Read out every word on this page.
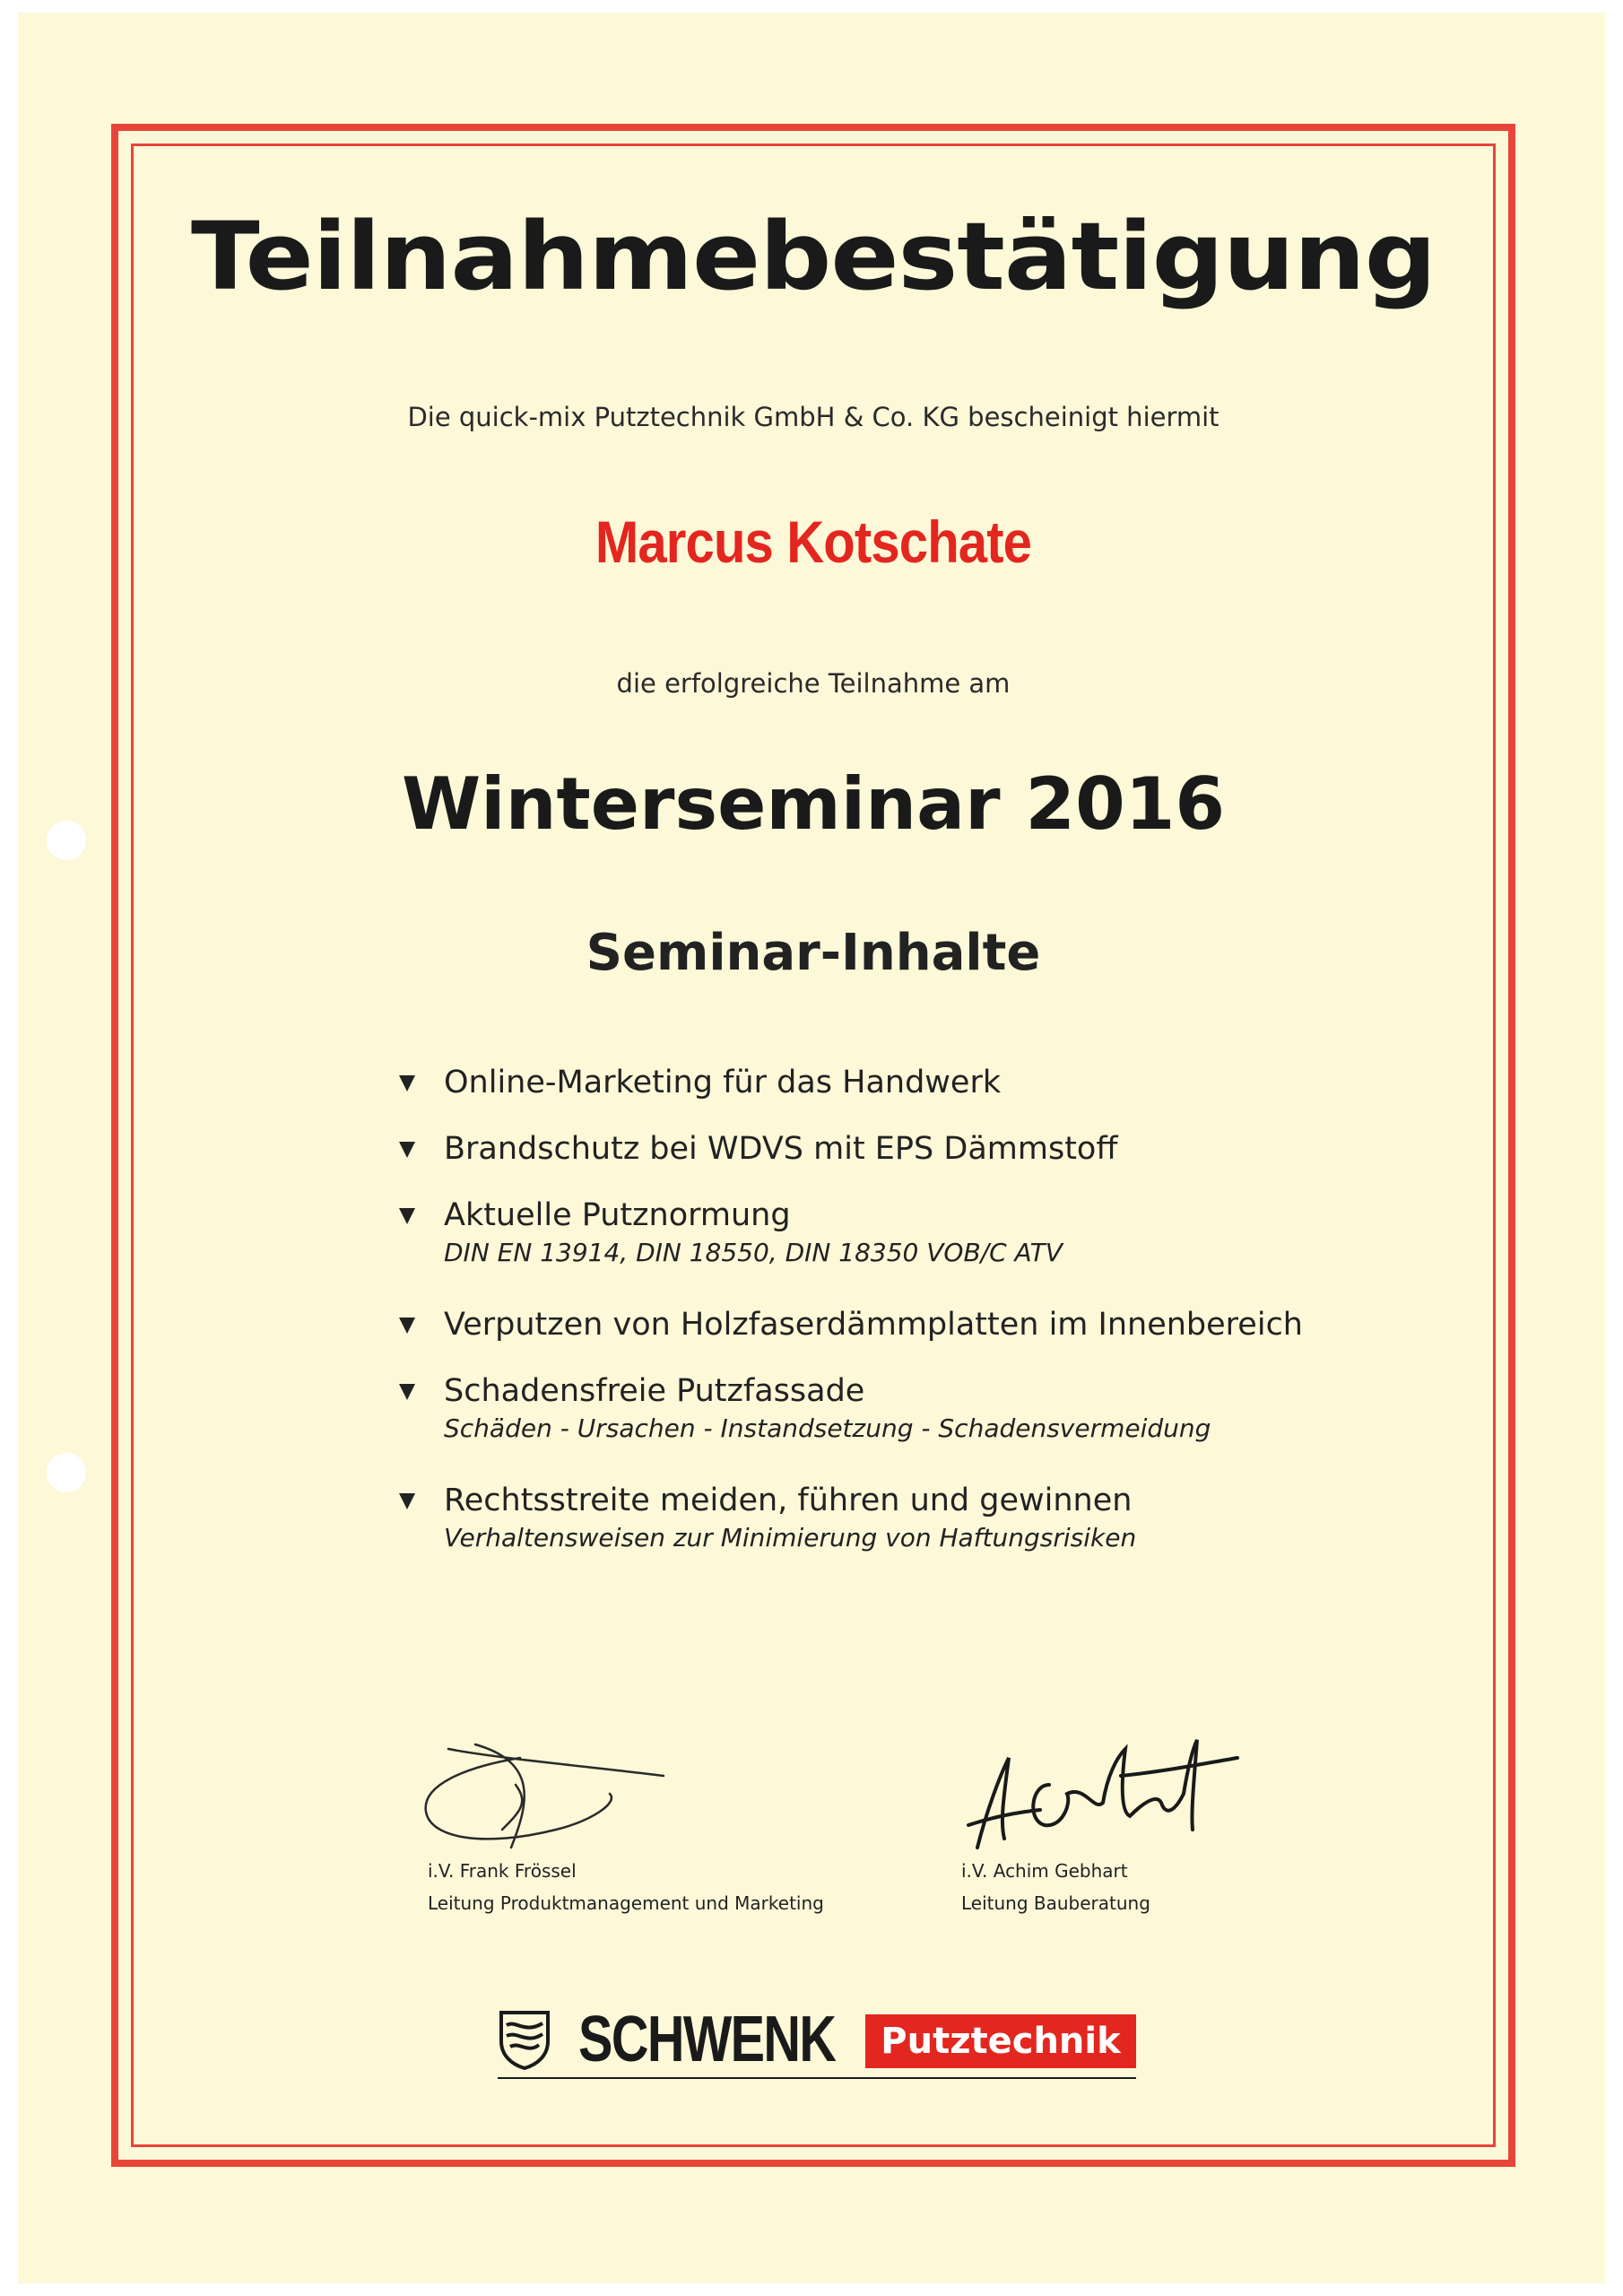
Teilnahmebestätigung
Die quick-mix Putztechnik GmbH & Co. KG bescheinigt hiermit
Marcus Kotschate
die erfolgreiche Teilnahme am
Winterseminar 2016
Seminar-Inhalte
Online-Marketing für das Handwerk
Brandschutz bei WDVS mit EPS Dämmstoff
Aktuelle Putznormung
DIN EN 13914, DIN 18550, DIN 18350 VOB/C ATV
Verputzen von Holzfaserdämmplatten im Innenbereich
Schadensfreie Putzfassade
Schäden - Ursachen - Instandsetzung - Schadensvermeidung
Rechtsstreite meiden, führen und gewinnen
Verhaltensweisen zur Minimierung von Haftungsrisiken
i.V. Frank Frössel
Leitung Produktmanagement und Marketing
i.V. Achim Gebhart
Leitung Bauberatung
SCHWENK	Putztechnik
